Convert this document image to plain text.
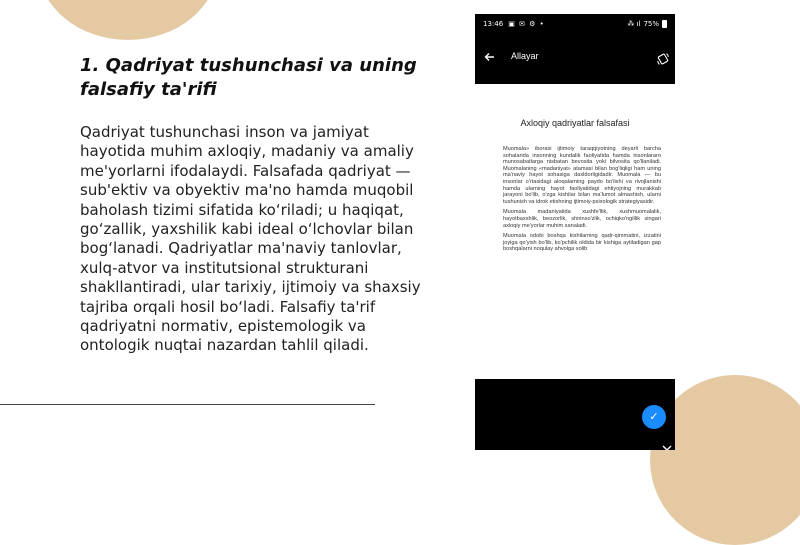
1. Qadriyat tushunchasi va uning falsafiy ta'rifi
Qadriyat tushunchasi inson va jamiyat hayotida muhim axloqiy, madaniy va amaliy me'yorlarni ifodalaydi. Falsafada qadriyat — sub'ektiv va obyektiv ma'no hamda muqobil baholash tizimi sifatida ko‘riladi; u haqiqat, go‘zallik, yaxshilik kabi ideal o‘lchovlar bilan bog‘lanadi. Qadriyatlar ma'naviy tanlovlar, xulq-atvor va institutsional strukturani shakllantiradi, ular tarixiy, ijtimoiy va shaxsiy tajriba orqali hosil bo‘ladi. Falsafiy ta'rif qadriyatni normativ, epistemologik va ontologik nuqtai nazardan tahlil qiladi.
13:46 ▣ ✉ ⚙ •	⁂ ıl 75%
Allayar
Axloqiy qadriyatlar falsafasi

Muomala» iborasi ijtimoiy taraqqiyotning deyarli barcha sohalarida insonning kundalik faoliyatida hamda insonlararo munosabatlarga nisbatan bevosita yoki bilvosita qo'llaniladi. Muomalaning «madaniyat» atamasi bilan bog'liqligi ham uning ma'naviy hayot sohasiga daxldorligidadir. Muomala — bu insonlar o'rtasidagi aloqalarning paydo bo'lishi va rivojlanishi hamda ularning hayot faoliyatidagi ehtiyojning murakkab jarayoni bo'lib, o'zga kishilar bilan ma'lumot almashish, ularni tushunish va idrok etishning ijtimoiy-psixologik strategiyasidir.

Muomala madaniyatida xushfe'llik, xushmuomalalik, hayotbaxshlik, beozorlik, shirinso'zlik, ochiqko'ngillik singari axloqiy me'yorlar muhim sanaladi.

Muomala odobi boshqa kishilarning qadr-qimmatini, izzatini joyiga qo'yish bo'lib, ko'pchilik oldida bir kishiga aytiladigan gap boshqalarni noqulay ahvolga solib

✓
